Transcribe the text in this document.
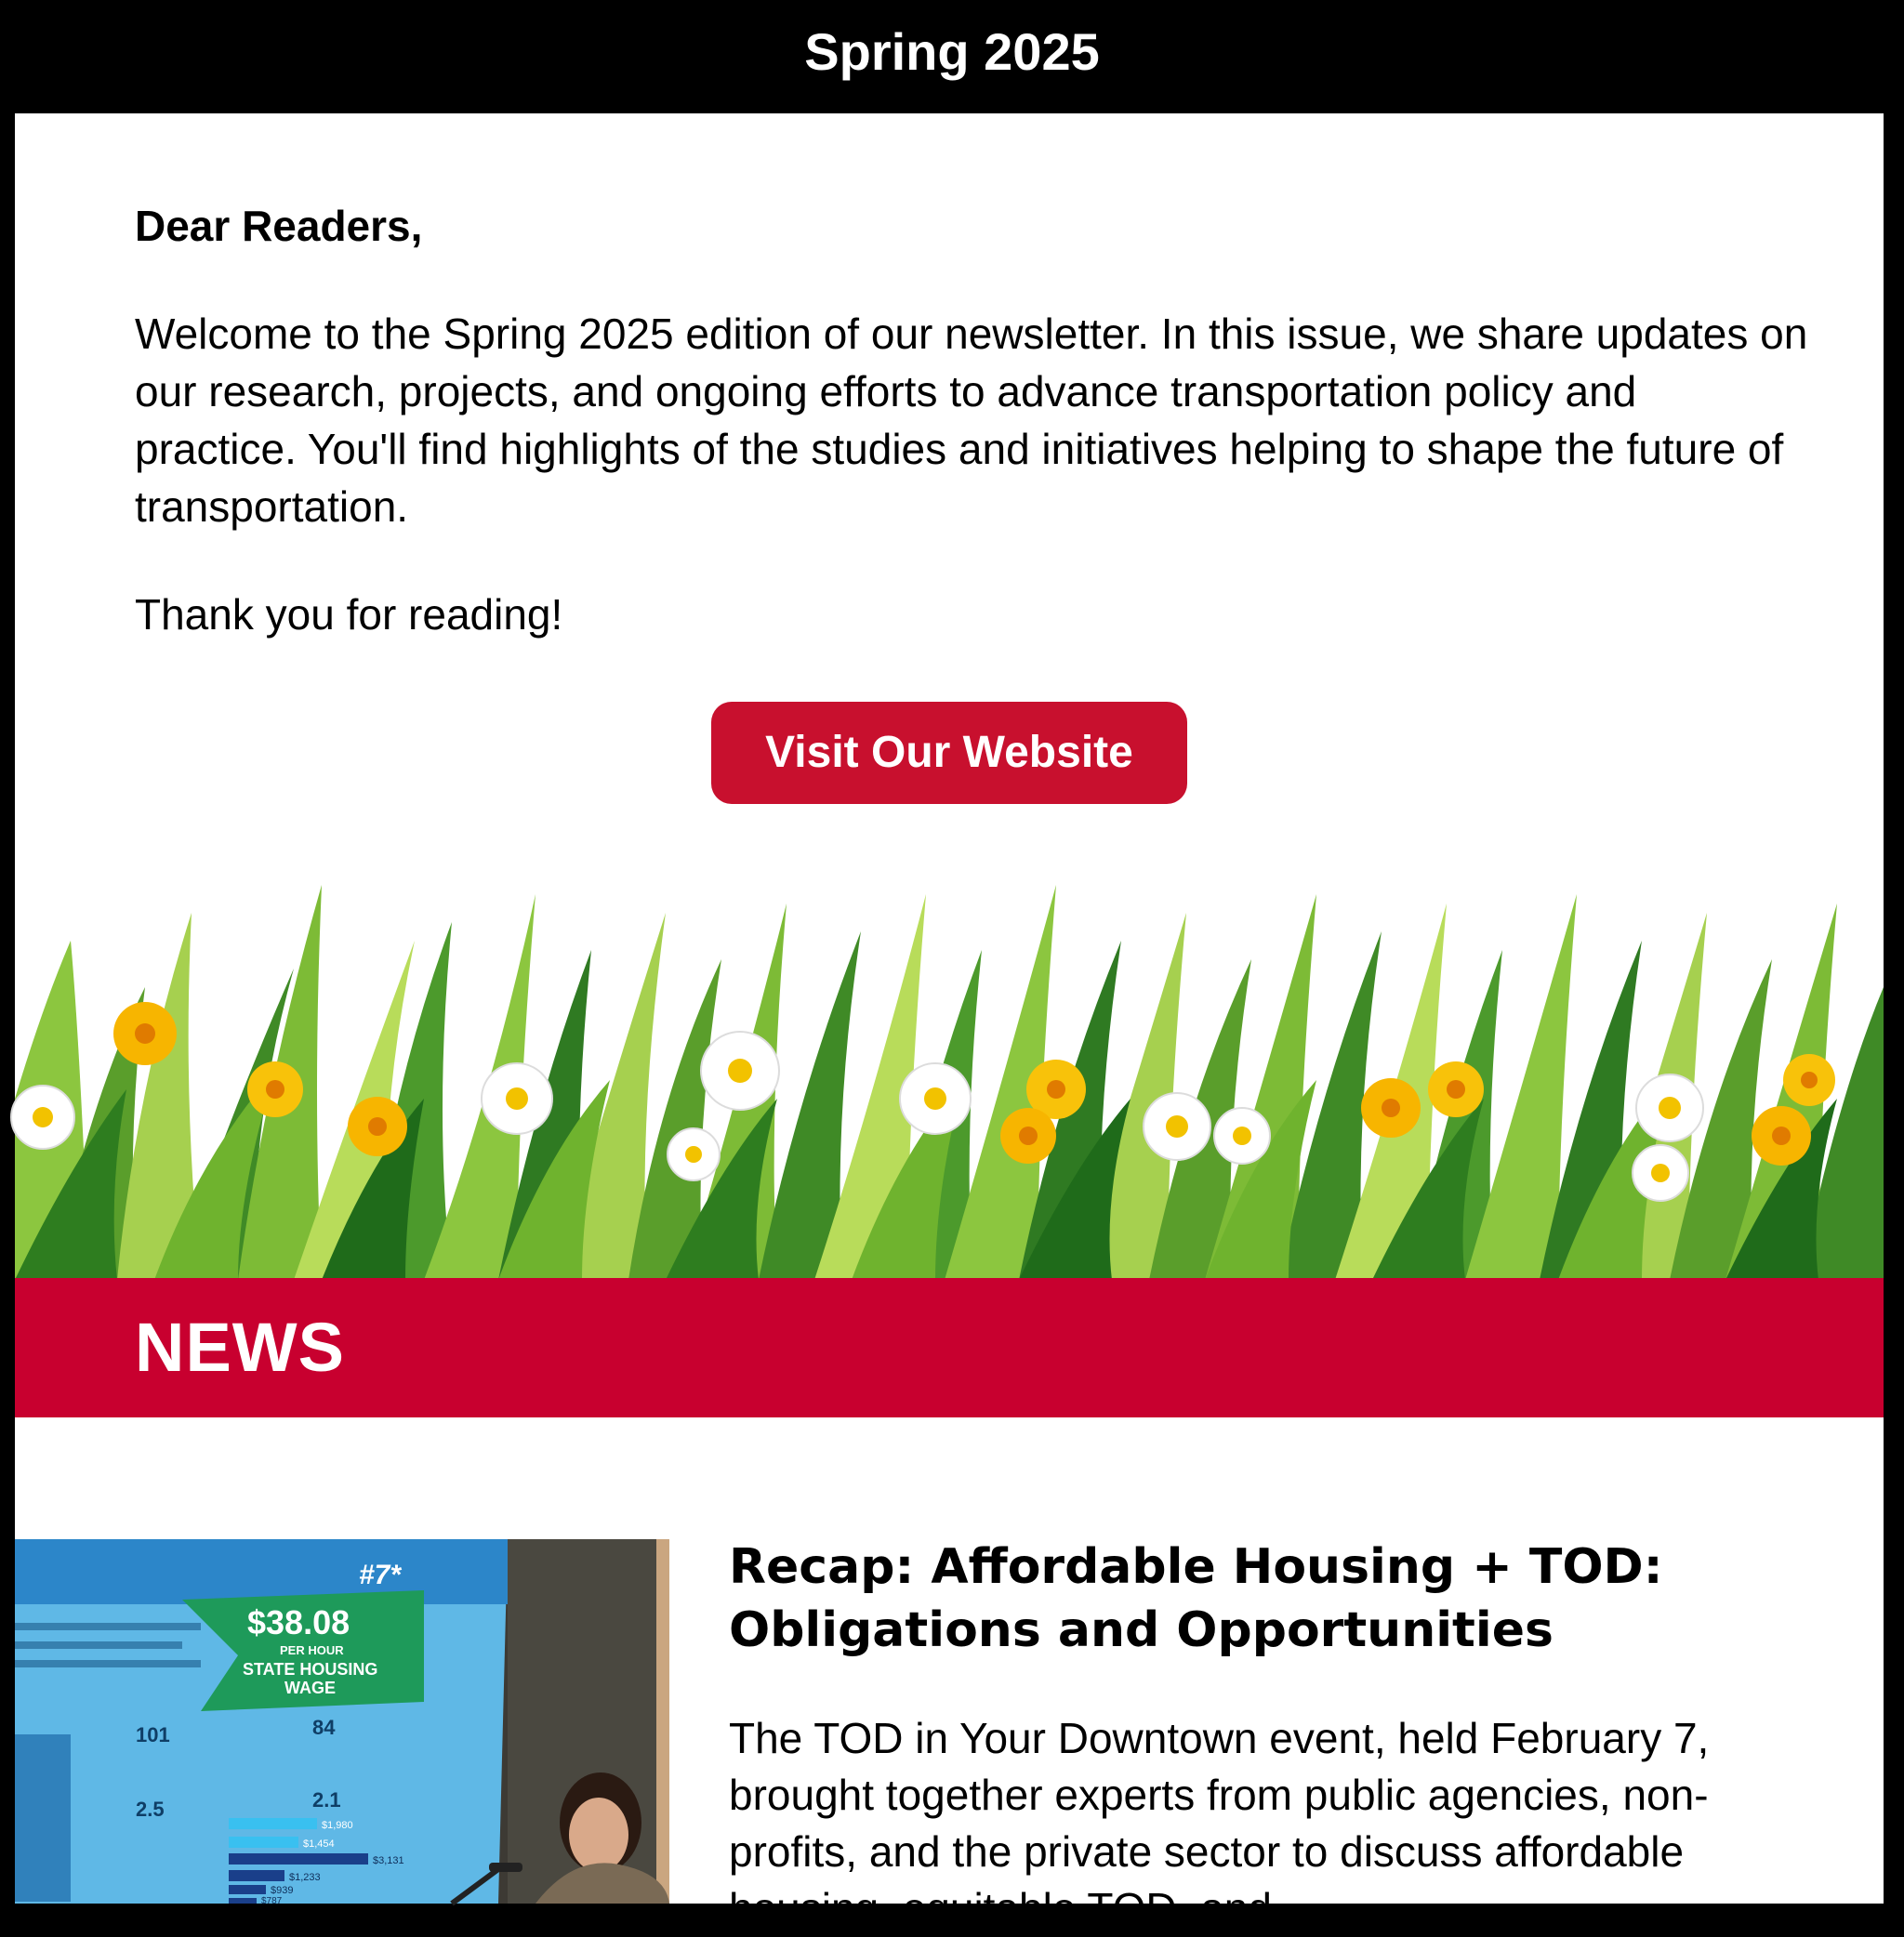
Spring 2025

Dear Readers,

Welcome to the Spring 2025 edition of our newsletter. In this issue, we share updates on our research, projects, and ongoing efforts to advance transportation policy and practice. You'll find highlights of the studies and initiatives helping to shape the future of transportation.

Thank you for reading!

Visit Our Website
NEWS
#7*
$38.08
PER HOUR
STATE HOUSING
WAGE
101	84
2.5	2.1
$1,980
$1,454
$3,131
$1,233
$939
$787
Recap: Affordable Housing + TOD: Obligations and Opportunities

The TOD in Your Downtown event, held February 7, brought together experts from public agencies, non-profits, and the private sector to discuss affordable housing, equitable TOD, and
